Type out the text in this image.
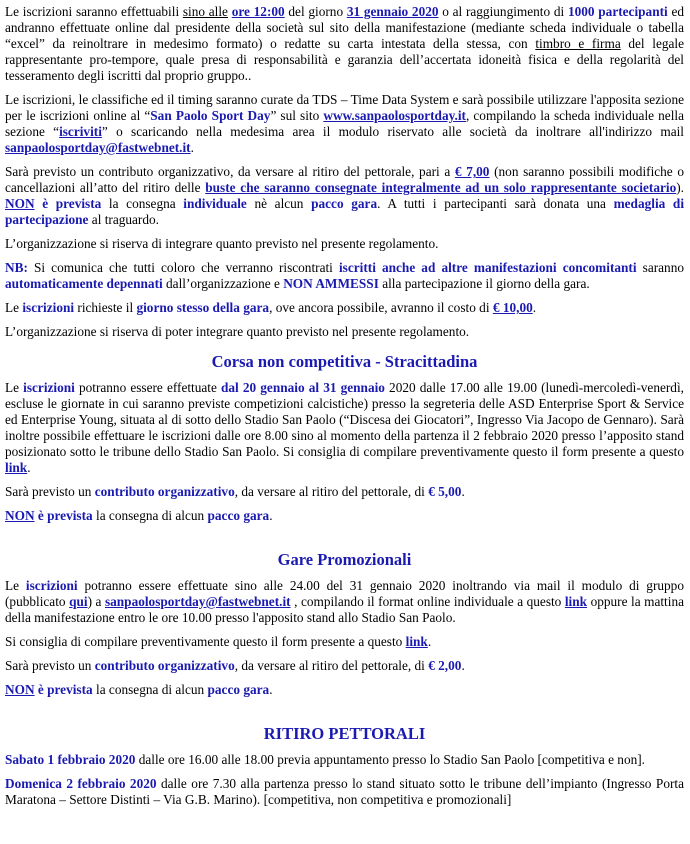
Le iscrizioni saranno effettuabili sino alle ore 12:00 del giorno 31 gennaio 2020 o al raggiungimento di 1000 partecipanti ed andranno effettuate online dal presidente della società sul sito della manifestazione (mediante scheda individuale o tabella “excel” da reinoltrare in medesimo formato) o redatte su carta intestata della stessa, con timbro e firma del legale rappresentante pro-tempore, quale presa di responsabilità e garanzia dell’accertata idoneità fisica e della regolarità del tesseramento degli iscritti dal proprio gruppo..

Le iscrizioni, le classifiche ed il timing saranno curate da TDS – Time Data System e sarà possibile utilizzare l'apposita sezione per le iscrizioni online al “San Paolo Sport Day” sul sito www.sanpaolosportday.it, compilando la scheda individuale nella sezione “iscriviti” o scaricando nella medesima area il modulo riservato alle società da inoltrare all'indirizzo mail sanpaolosportday@fastwebnet.it.

Sarà previsto un contributo organizzativo, da versare al ritiro del pettorale, pari a € 7,00 (non saranno possibili modifiche o cancellazioni all’atto del ritiro delle buste che saranno consegnate integralmente ad un solo rappresentante societario). NON è prevista la consegna individuale nè alcun pacco gara. A tutti i partecipanti sarà donata una medaglia di partecipazione al traguardo.

L’organizzazione si riserva di integrare quanto previsto nel presente regolamento.

NB: Si comunica che tutti coloro che verranno riscontrati iscritti anche ad altre manifestazioni concomitanti saranno automaticamente depennati dall’organizzazione e NON AMMESSI alla partecipazione il giorno della gara.

Le iscrizioni richieste il giorno stesso della gara, ove ancora possibile, avranno il costo di € 10,00.

L’organizzazione si riserva di poter integrare quanto previsto nel presente regolamento.

Corsa non competitiva - Stracittadina

Le iscrizioni potranno essere effettuate dal 20 gennaio al 31 gennaio 2020 dalle 17.00 alle 19.00 (lunedì-mercoledì-venerdì, escluse le giornate in cui saranno previste competizioni calcistiche) presso la segreteria delle ASD Enterprise Sport & Service ed Enterprise Young, situata al di sotto dello Stadio San Paolo (“Discesa dei Giocatori”, Ingresso Via Jacopo de Gennaro). Sarà inoltre possibile effettuare le iscrizioni dalle ore 8.00 sino al momento della partenza il 2 febbraio 2020 presso l’apposito stand posizionato sotto le tribune dello Stadio San Paolo. Si consiglia di compilare preventivamente questo il form presente a questo link.

Sarà previsto un contributo organizzativo, da versare al ritiro del pettorale, di € 5,00.

NON è prevista la consegna di alcun pacco gara.

Gare Promozionali

Le iscrizioni potranno essere effettuate sino alle 24.00 del 31 gennaio 2020 inoltrando via mail il modulo di gruppo (pubblicato qui) a sanpaolosportday@fastwebnet.it , compilando il format online individuale a questo link oppure la mattina della manifestazione entro le ore 10.00 presso l'apposito stand allo Stadio San Paolo.

Si consiglia di compilare preventivamente questo il form presente a questo link.

Sarà previsto un contributo organizzativo, da versare al ritiro del pettorale, di € 2,00.

NON è prevista la consegna di alcun pacco gara.

RITIRO PETTORALI

Sabato 1 febbraio 2020 dalle ore 16.00 alle 18.00 previa appuntamento presso lo Stadio San Paolo [competitiva e non].

Domenica 2 febbraio 2020 dalle ore 7.30 alla partenza presso lo stand situato sotto le tribune dell’impianto (Ingresso Porta Maratona – Settore Distinti – Via G.B. Marino). [competitiva, non competitiva e promozionali]
